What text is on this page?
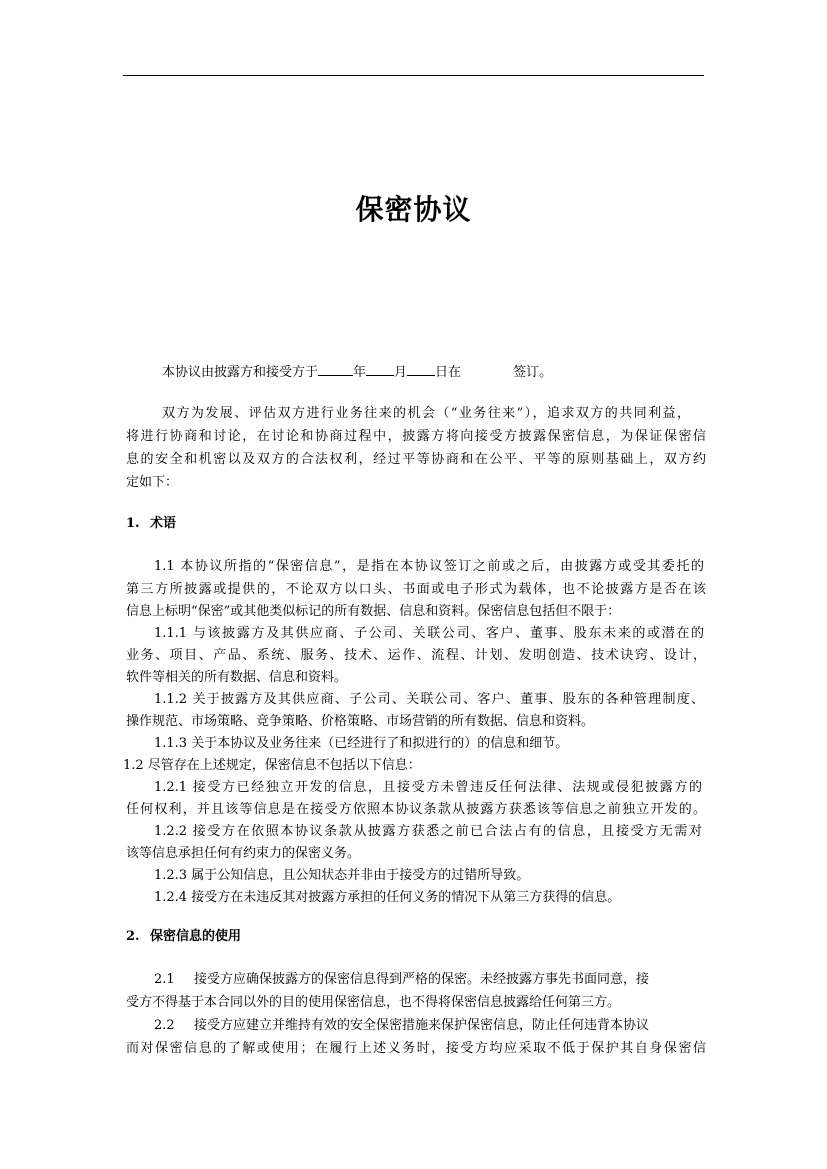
保密协议
本协议由披露方和接受方于	年 月 日在	签订。
双方为发展、评估双方进行业务往来的机会（“业务往来”），追求双方的共同利益，
将进行协商和讨论，在讨论和协商过程中，披露方将向接受方披露保密信息，为保证保密信
息的安全和机密以及双方的合法权利，经过平等协商和在公平、平等的原则基础上，双方约
定如下：
1. 术语
1.1 本协议所指的“保密信息”，是指在本协议签订之前或之后，由披露方或受其委托的
第三方所披露或提供的，不论双方以口头、书面或电子形式为载体，也不论披露方是否在该
信息上标明“保密”或其他类似标记的所有数据、信息和资料。保密信息包括但不限于：
1.1.1 与该披露方及其供应商、子公司、关联公司、客户、董事、股东未来的或潜在的
业务、项目、产品、系统、服务、技术、运作、流程、计划、发明创造、技术诀窍、设计，
软件等相关的所有数据、信息和资料。
1.1.2 关于披露方及其供应商、子公司、关联公司、客户、董事、股东的各种管理制度、
操作规范、市场策略、竞争策略、价格策略、市场营销的所有数据、信息和资料。
1.1.3 关于本协议及业务往来（已经进行了和拟进行的）的信息和细节。
1.2 尽管存在上述规定，保密信息不包括以下信息：
1.2.1 接受方已经独立开发的信息，且接受方未曾违反任何法律、法规或侵犯披露方的
任何权利，并且该等信息是在接受方依照本协议条款从披露方获悉该等信息之前独立开发的。
1.2.2 接受方在依照本协议条款从披露方获悉之前已合法占有的信息，且接受方无需对
该等信息承担任何有约束力的保密义务。
1.2.3 属于公知信息，且公知状态并非由于接受方的过错所导致。
1.2.4 接受方在未违反其对披露方承担的任何义务的情况下从第三方获得的信息。
2. 保密信息的使用
2.1 接受方应确保披露方的保密信息得到严格的保密。未经披露方事先书面同意，接
受方不得基于本合同以外的目的使用保密信息，也不得将保密信息披露给任何第三方。
2.2 接受方应建立并维持有效的安全保密措施来保护保密信息，防止任何违背本协议
而对保密信息的了解或使用；在履行上述义务时，接受方均应采取不低于保护其自身保密信
